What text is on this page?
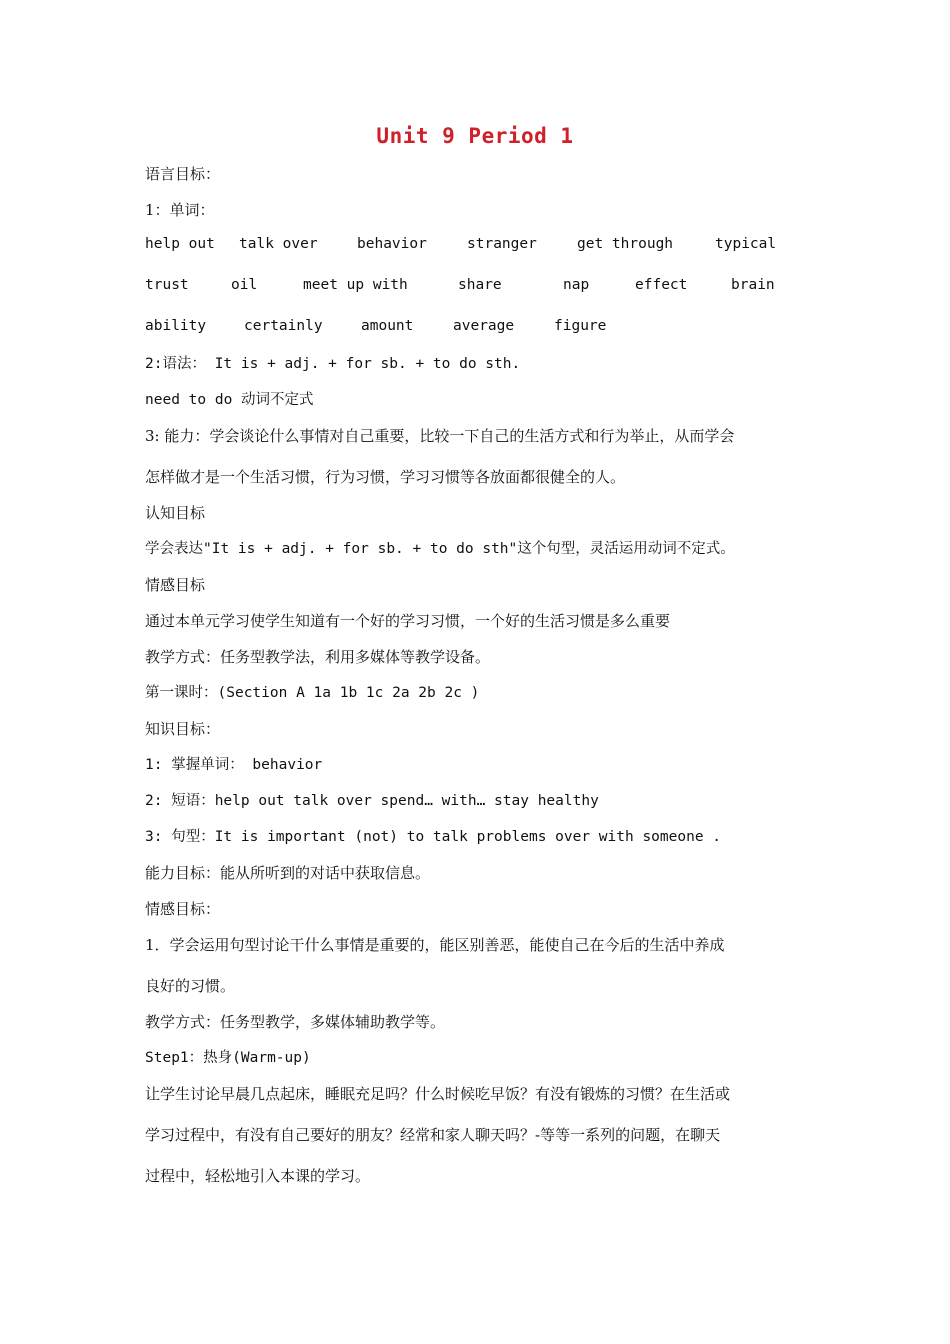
Unit 9 Period 1
语言目标：
1：单词：
help out talk over	behavior	stranger	get through	typical
trust	oil	meet up with	share	nap	effect	brain
ability	certainly	amount	average	figure
2:语法： It is + adj. + for sb. + to do sth.
need to do 动词不定式
3: 能力：学会谈论什么事情对自己重要，比较一下自己的生活方式和行为举止，从而学会
怎样做才是一个生活习惯，行为习惯，学习习惯等各放面都很健全的人。
认知目标
学会表达"It is + adj. + for sb. + to do sth"这个句型，灵活运用动词不定式。
情感目标
通过本单元学习使学生知道有一个好的学习习惯，一个好的生活习惯是多么重要
教学方式：任务型教学法，利用多媒体等教学设备。
第一课时：(Section A 1a 1b 1c 2a 2b 2c )
知识目标：
1: 掌握单词： behavior
2: 短语：help out talk over spend… with… stay healthy
3: 句型：It is important (not) to talk problems over with someone .
能力目标：能从所听到的对话中获取信息。
情感目标：
1．学会运用句型讨论干什么事情是重要的，能区别善恶，能使自己在今后的生活中养成
良好的习惯。
教学方式：任务型教学，多媒体辅助教学等。
Step1：热身(Warm-up)
让学生讨论早晨几点起床，睡眠充足吗？什么时候吃早饭？有没有锻炼的习惯？在生活或
学习过程中，有没有自己要好的朋友？经常和家人聊天吗？-等等一系列的问题，在聊天
过程中，轻松地引入本课的学习。
